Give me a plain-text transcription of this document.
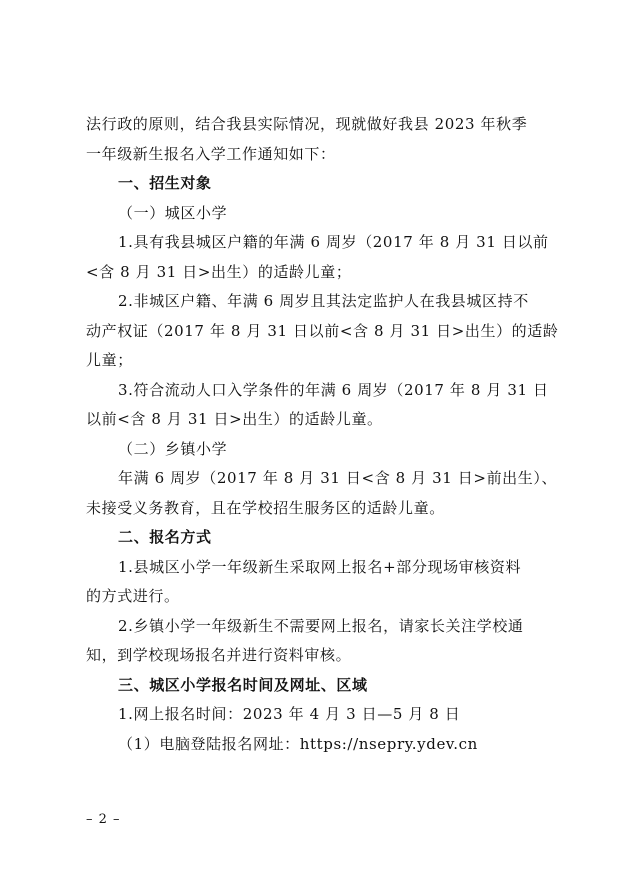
法行政的原则，结合我县实际情况，现就做好我县 2023 年秋季
一年级新生报名入学工作通知如下：
一、招生对象
（一）城区小学
1.具有我县城区户籍的年满 6 周岁（2017 年 8 月 31 日以前
<含 8 月 31 日>出生）的适龄儿童；
2.非城区户籍、年满 6 周岁且其法定监护人在我县城区持不
动产权证（2017 年 8 月 31 日以前<含 8 月 31 日>出生）的适龄
儿童；
3.符合流动人口入学条件的年满 6 周岁（2017 年 8 月 31 日
以前<含 8 月 31 日>出生）的适龄儿童。
（二）乡镇小学
年满 6 周岁（2017 年 8 月 31 日<含 8 月 31 日>前出生）、
未接受义务教育，且在学校招生服务区的适龄儿童。
二、报名方式
1.县城区小学一年级新生采取网上报名+部分现场审核资料
的方式进行。
2.乡镇小学一年级新生不需要网上报名，请家长关注学校通
知，到学校现场报名并进行资料审核。
三、城区小学报名时间及网址、区域
1.网上报名时间：2023 年 4 月 3 日—5 月 8 日
（1）电脑登陆报名网址：https://nsepry.ydev.cn
– 2 –
